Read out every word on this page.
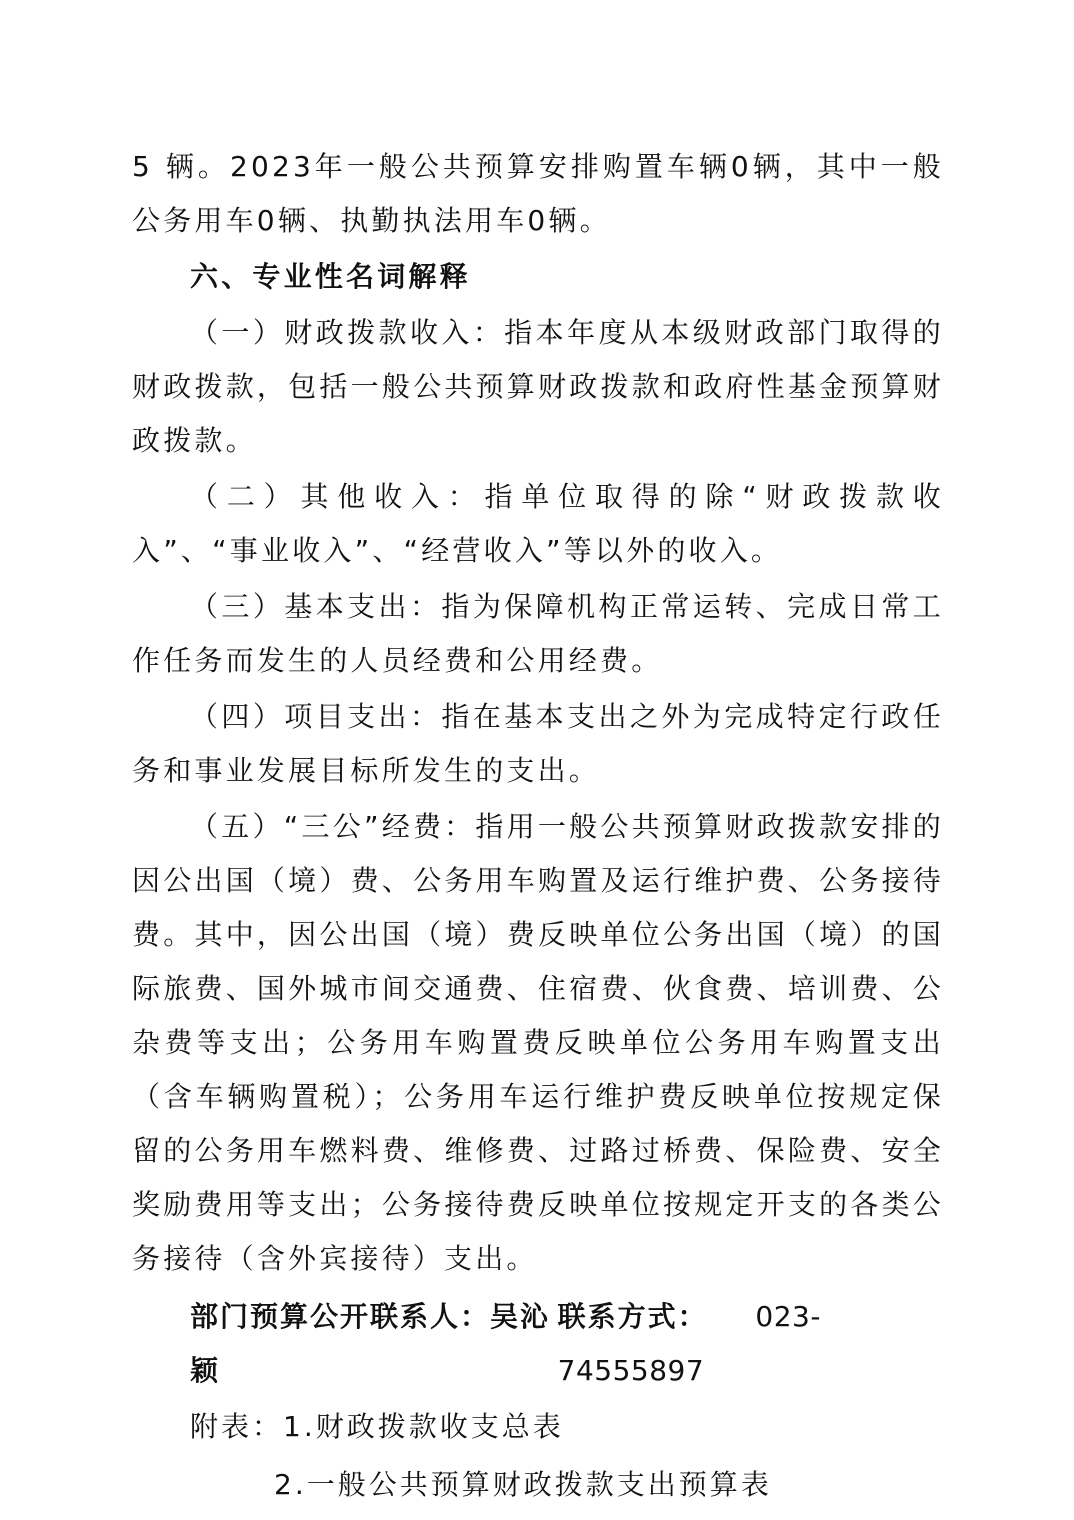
5 辆。2023年一般公共预算安排购置车辆0辆，其中一般公务用车0辆、执勤执法用车0辆。

六、专业性名词解释

（一）财政拨款收入：指本年度从本级财政部门取得的财政拨款，包括一般公共预算财政拨款和政府性基金预算财政拨款。

（二）其他收入：指单位取得的除“财政拨款收入”、“事业收入”、“经营收入”等以外的收入。

（三）基本支出：指为保障机构正常运转、完成日常工作任务而发生的人员经费和公用经费。

（四）项目支出：指在基本支出之外为完成特定行政任务和事业发展目标所发生的支出。

（五）“三公”经费：指用一般公共预算财政拨款安排的因公出国（境）费、公务用车购置及运行维护费、公务接待费。其中，因公出国（境）费反映单位公务出国（境）的国际旅费、国外城市间交通费、住宿费、伙食费、培训费、公杂费等支出；公务用车购置费反映单位公务用车购置支出（含车辆购置税）；公务用车运行维护费反映单位按规定保留的公务用车燃料费、维修费、过路过桥费、保险费、安全奖励费用等支出；公务接待费反映单位按规定开支的各类公务接待（含外宾接待）支出。

部门预算公开联系人：吴沁颖
联系方式： 023-74555897
附表：1.财政拨款收支总表
2.一般公共预算财政拨款支出预算表
